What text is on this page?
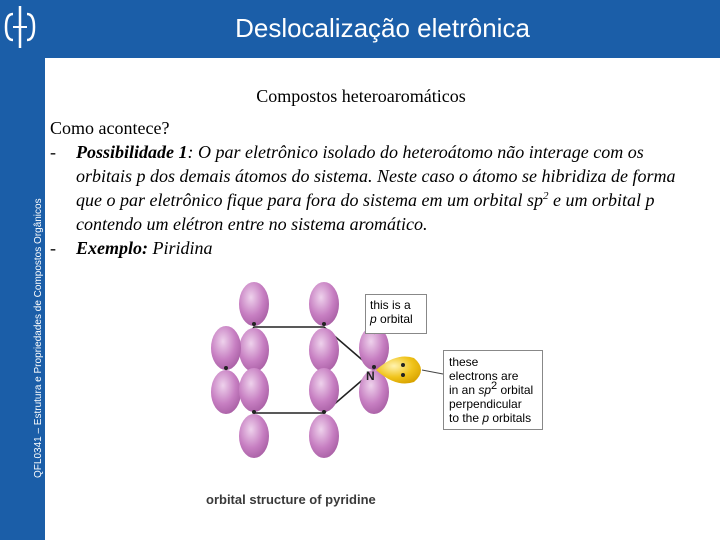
QFL0341 – Estrutura e Propriedades de Compostos Orgânicos
Deslocalização eletrônica
Compostos heteroaromáticos

Como acontece?

- Possibilidade 1: O par eletrônico isolado do heteroátomo não interage com os orbitais p dos demais átomos do sistema. Neste caso o átomo se hibridiza de forma que o par eletrônico fique para fora do sistema em um orbital $sp^2$ e um orbital p contendo um elétron entre no sistema aromático.

- Exemplo: Piridina

N
this is a
p orbital
these
electrons are
in an $sp^2$ orbital
perpendicular
to the p orbitals
orbital structure of pyridine
